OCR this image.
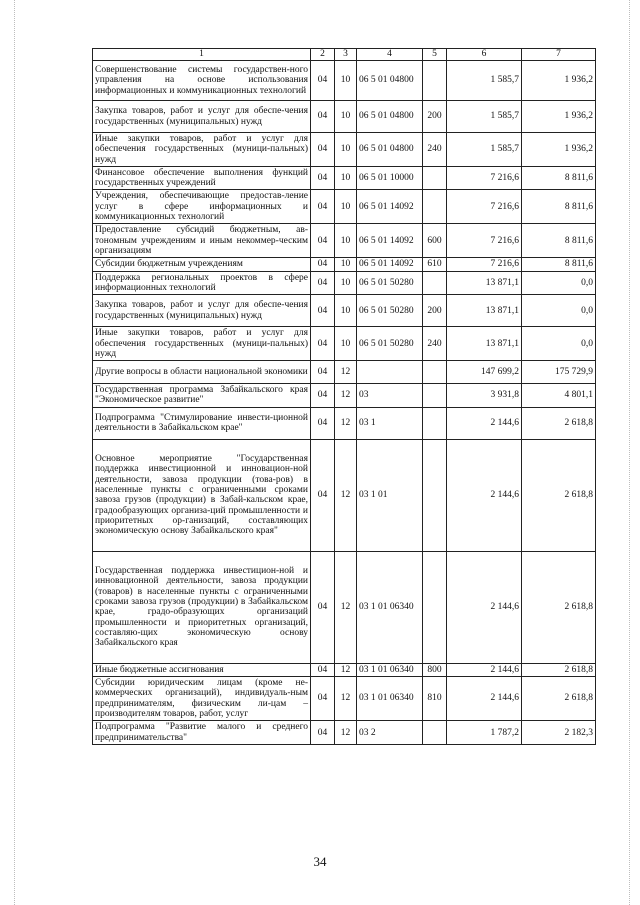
1	2	3	4	5	6	7
Совершенствование системы государствен-ного управления на основе использования информационных и коммуникационных технологий	04	10	06 5 01 04800		1 585,7	1 936,2
Закупка товаров, работ и услуг для обеспе-чения государственных (муниципальных) нужд	04	10	06 5 01 04800	200	1 585,7	1 936,2
Иные закупки товаров, работ и услуг для обеспечения государственных (муници-пальных) нужд	04	10	06 5 01 04800	240	1 585,7	1 936,2
Финансовое обеспечение выполнения функций государственных учреждений	04	10	06 5 01 10000		7 216,6	8 811,6
Учреждения, обеспечивающие предостав-ление услуг в сфере информационных и коммуникационных технологий	04	10	06 5 01 14092		7 216,6	8 811,6
Предоставление субсидий бюджетным, ав-тономным учреждениям и иным некоммер-ческим организациям	04	10	06 5 01 14092	600	7 216,6	8 811,6
Субсидии бюджетным учреждениям	04	10	06 5 01 14092	610	7 216,6	8 811,6
Поддержка региональных проектов в сфере информационных технологий	04	10	06 5 01 50280		13 871,1	0,0
Закупка товаров, работ и услуг для обеспе-чения государственных (муниципальных) нужд	04	10	06 5 01 50280	200	13 871,1	0,0
Иные закупки товаров, работ и услуг для обеспечения государственных (муници-пальных) нужд	04	10	06 5 01 50280	240	13 871,1	0,0
Другие вопросы в области национальной экономики	04	12			147 699,2	175 729,9
Государственная программа Забайкальского края "Экономическое развитие"	04	12	03		3 931,8	4 801,1
Подпрограмма "Стимулирование инвести-ционной деятельности в Забайкальском крае"	04	12	03 1		2 144,6	2 618,8
Основное мероприятие "Государственная поддержка инвестиционной и инновацион-ной деятельности, завоза продукции (това-ров) в населенные пункты с ограниченными сроками завоза грузов (продукции) в Забай-кальском крае, градообразующих организа-ций промышленности и приоритетных ор-ганизаций, составляющих экономическую основу Забайкальского края"	04	12	03 1 01		2 144,6	2 618,8
Государственная поддержка инвестицион-ной и инновационной деятельности, завоза продукции (товаров) в населенные пункты с ограниченными сроками завоза грузов (продукции) в Забайкальском крае, градо-образующих организаций промышленности и приоритетных организаций, составляю-щих экономическую основу Забайкальского края	04	12	03 1 01 06340		2 144,6	2 618,8
Иные бюджетные ассигнования	04	12	03 1 01 06340	800	2 144,6	2 618,8
Субсидии юридическим лицам (кроме не-коммерческих организаций), индивидуаль-ным предпринимателям, физическим ли-цам – производителям товаров, работ, услуг	04	12	03 1 01 06340	810	2 144,6	2 618,8
Подпрограмма "Развитие малого и среднего предпринимательства"	04	12	03 2		1 787,2	2 182,3
34
